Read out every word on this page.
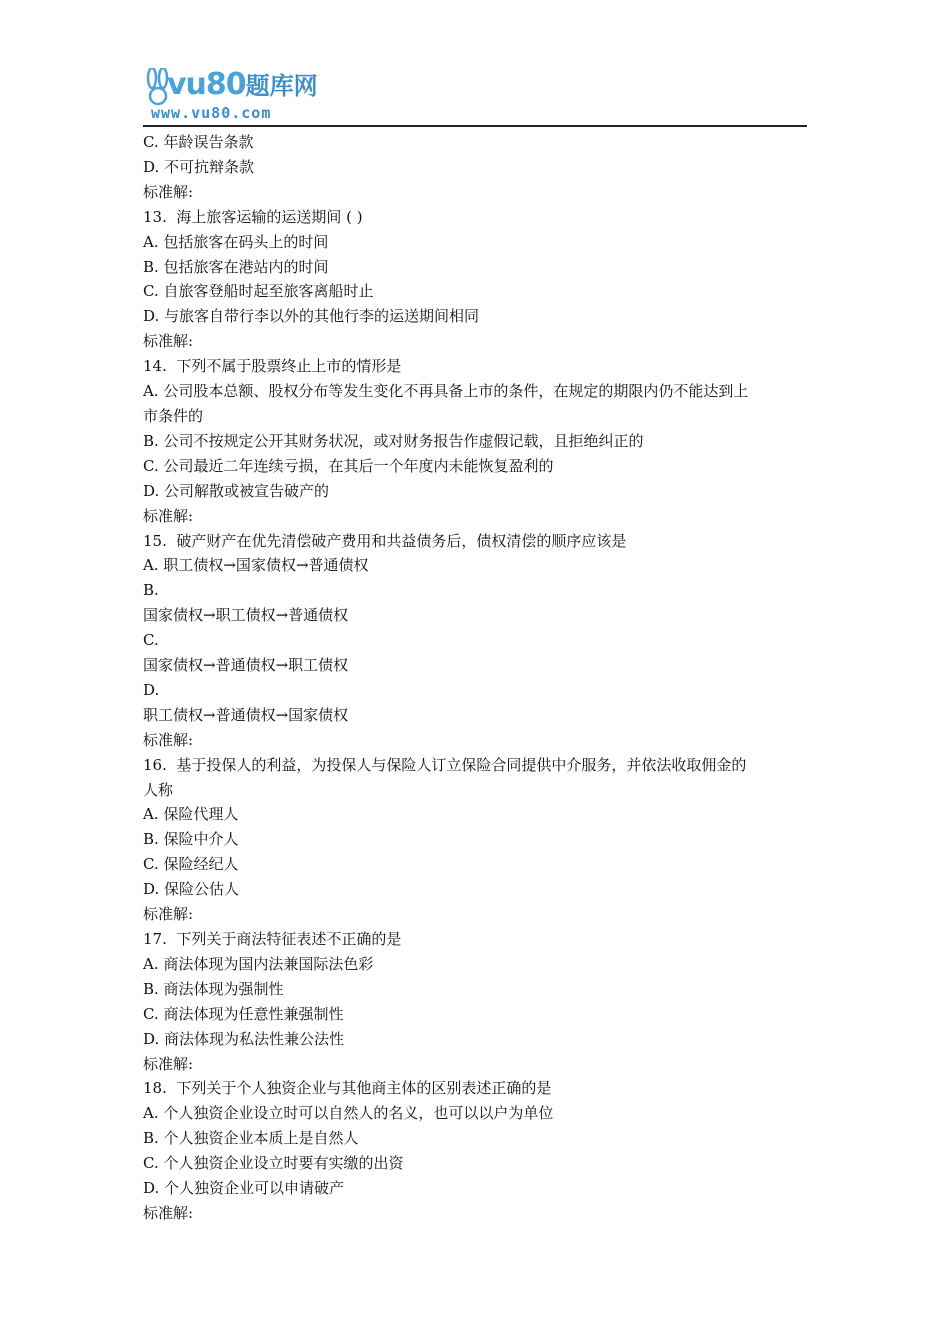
vu80题库网
www.vu80.com
C. 年龄误告条款
D. 不可抗辩条款
标准解:
13.  海上旅客运输的运送期间 ( )
A. 包括旅客在码头上的时间
B. 包括旅客在港站内的时间
C. 自旅客登船时起至旅客离船时止
D. 与旅客自带行李以外的其他行李的运送期间相同
标准解:
14.  下列不属于股票终止上市的情形是
A. 公司股本总额、股权分布等发生变化不再具备上市的条件，在规定的期限内仍不能达到上
市条件的
B. 公司不按规定公开其财务状况，或对财务报告作虚假记载，且拒绝纠正的
C. 公司最近二年连续亏损，在其后一个年度内未能恢复盈利的
D. 公司解散或被宣告破产的
标准解:
15.  破产财产在优先清偿破产费用和共益债务后，债权清偿的顺序应该是
A. 职工债权→国家债权→普通债权
B.
国家债权→职工债权→普通债权
C.
国家债权→普通债权→职工债权
D.
职工债权→普通债权→国家债权
标准解:
16.  基于投保人的利益，为投保人与保险人订立保险合同提供中介服务，并依法收取佣金的
人称
A. 保险代理人
B. 保险中介人
C. 保险经纪人
D. 保险公估人
标准解:
17.  下列关于商法特征表述不正确的是
A. 商法体现为国内法兼国际法色彩
B. 商法体现为强制性
C. 商法体现为任意性兼强制性
D. 商法体现为私法性兼公法性
标准解:
18.  下列关于个人独资企业与其他商主体的区别表述正确的是
A. 个人独资企业设立时可以自然人的名义，也可以以户为单位
B. 个人独资企业本质上是自然人
C. 个人独资企业设立时要有实缴的出资
D. 个人独资企业可以申请破产
标准解:
